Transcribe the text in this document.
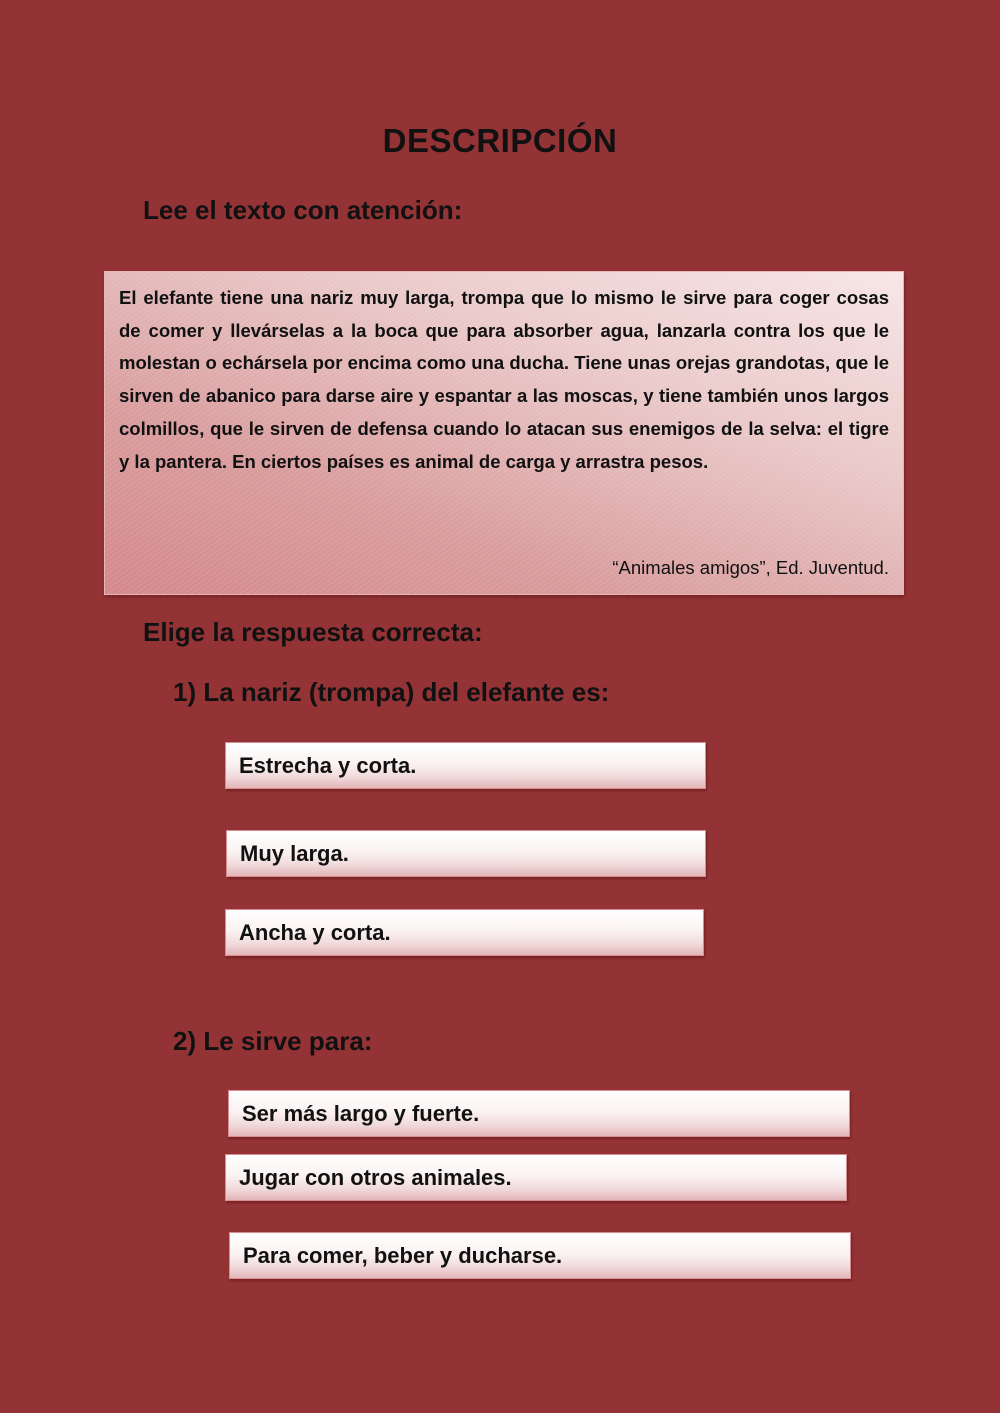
DESCRIPCIÓN
Lee el texto con atención:

El elefante tiene una nariz muy larga, trompa que lo mismo le sirve para coger cosas de comer y llevárselas a la boca que para absorber agua, lanzarla contra los que le molestan o echársela por encima como una ducha. Tiene unas orejas grandotas, que le sirven de abanico para darse aire y espantar a las moscas, y tiene también unos largos colmillos, que le sirven de defensa cuando lo atacan sus enemigos de la selva: el tigre y la pantera. En ciertos países es animal de carga y arrastra pesos.

“Animales amigos”, Ed. Juventud.
Elige la respuesta correcta:
1) La nariz (trompa) del elefante es:
Estrecha y corta.
Muy larga.
Ancha y corta.
2) Le sirve para:
Ser más largo y fuerte.
Jugar con otros animales.
Para comer, beber y ducharse.
